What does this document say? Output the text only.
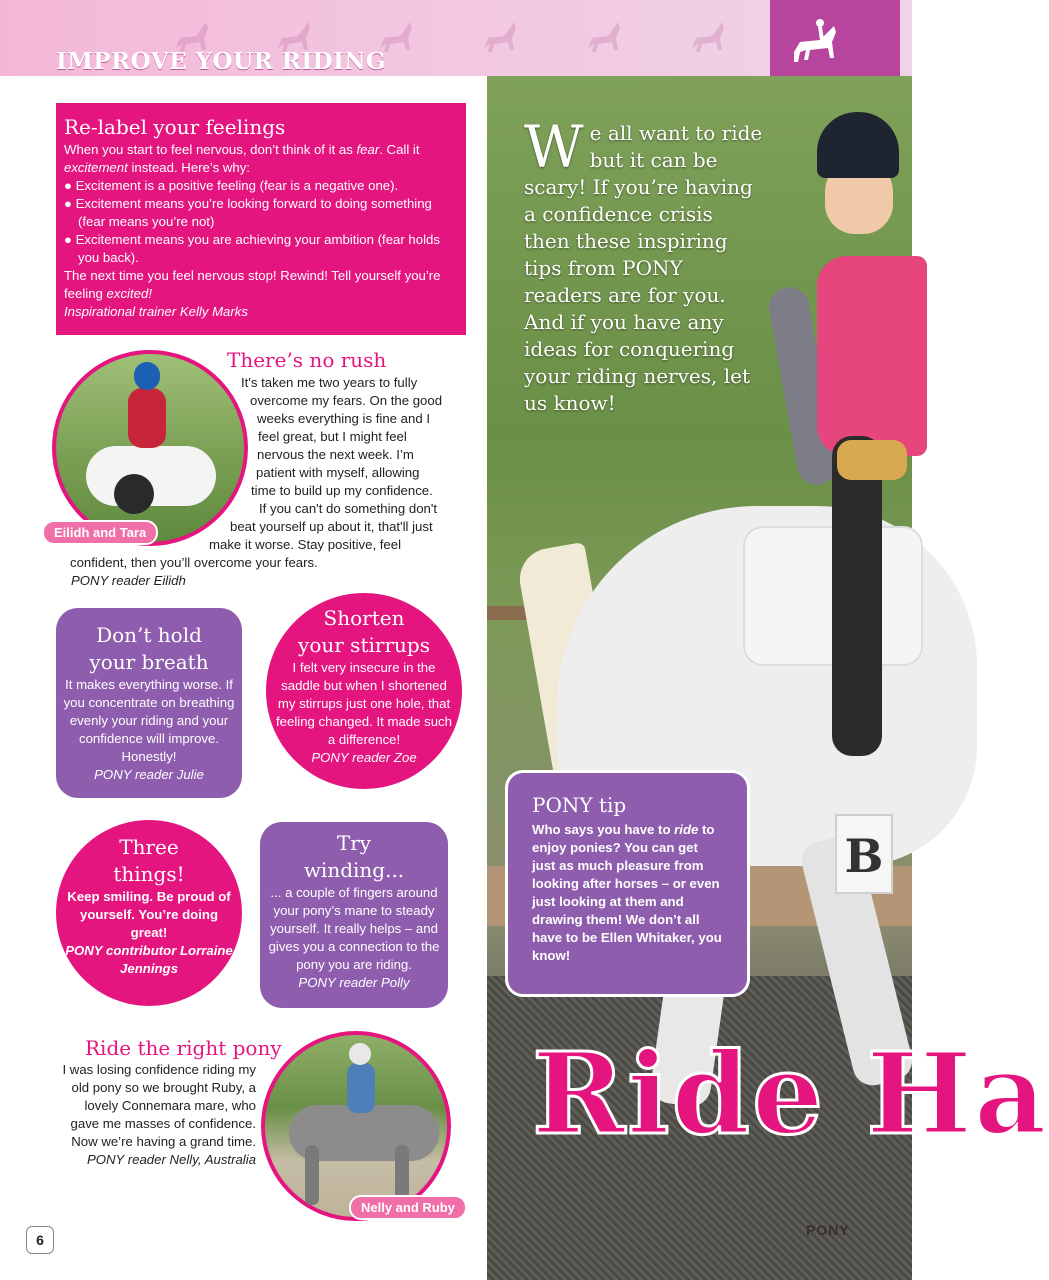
IMPROVE YOUR RIDING
B
We all want to ride but it can be scary! If you’re having a confidence crisis then these inspiring tips from PONY readers are for you. And if you have any ideas for conquering your riding nerves, let us know!
PONY tip
Who says you have to ride to enjoy ponies? You can get just as much pleasure from looking after horses – or even just looking at them and drawing them! We don’t all have to be Ellen Whitaker, you know!
Ride Ha
PONY
Re-label your feelings

When you start to feel nervous, don’t think of it as fear. Call it excitement instead. Here’s why:

● Excitement is a positive feeling (fear is a negative one).

● Excitement means you’re looking forward to doing something (fear means you’re not)

● Excitement means you are achieving your ambition (fear holds you back).

The next time you feel nervous stop! Rewind! Tell yourself you’re feeling excited!

Inspirational trainer Kelly Marks

Eilidh and Tara
There’s no rush
It's taken me two years to fully
overcome my fears. On the good
weeks everything is fine and I
feel great, but I might feel
nervous the next week. I’m
patient with myself, allowing
time to build up my confidence.
If you can't do something don't
beat yourself up about it, that'll just
make it worse. Stay positive, feel
confident, then you’ll overcome your fears.
PONY reader Eilidh
Don’t hold
your breath

It makes everything worse. If you concentrate on breathing evenly your riding and your confidence will improve. Honestly!

PONY reader Julie

Shorten
your stirrups

I felt very insecure in the saddle but when I shortened my stirrups just one hole, that feeling changed. It made such a difference!

PONY reader Zoe

Three
things!

Keep smiling. Be proud of yourself. You’re doing great!

PONY contributor Lorraine Jennings

Try
winding...

... a couple of fingers around your pony’s mane to steady yourself. It really helps – and gives you a connection to the pony you are riding.

PONY reader Polly

Ride the right pony

I was losing confidence riding my old pony so we brought Ruby, a lovely Connemara mare, who gave me masses of confidence. Now we’re having a grand time.

PONY reader Nelly, Australia

Nelly and Ruby
6
